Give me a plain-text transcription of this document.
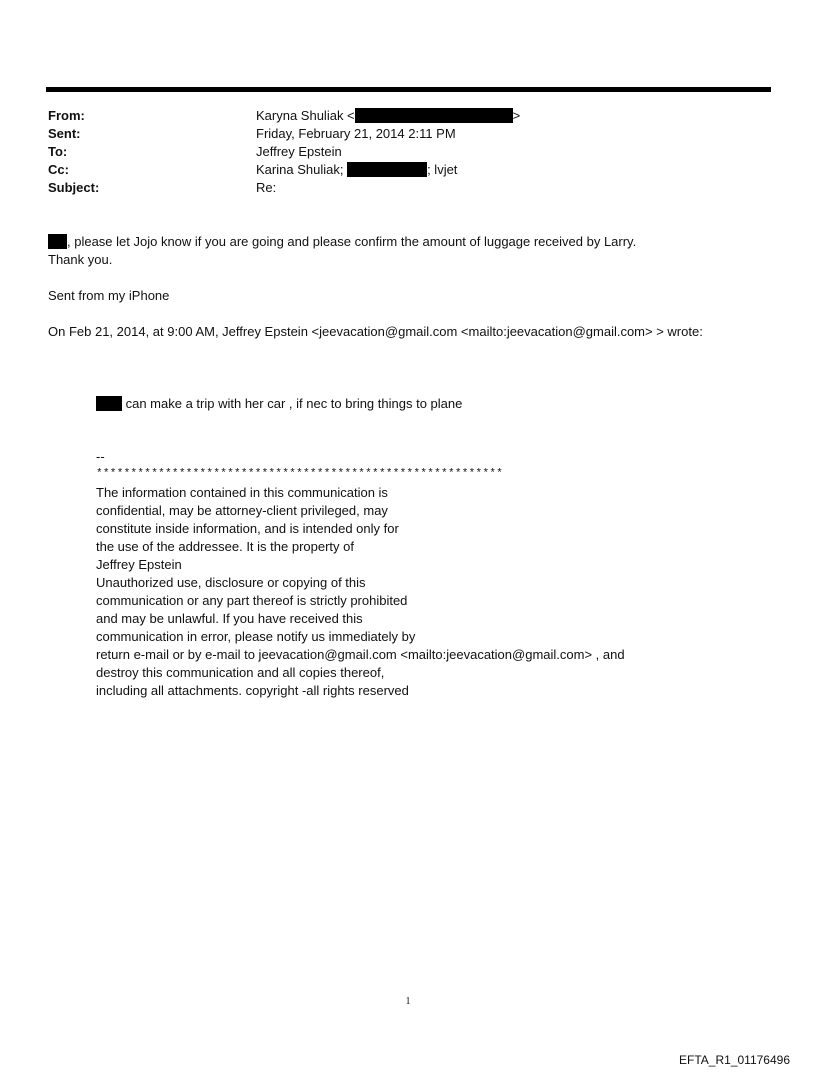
From:	Karyna Shuliak <	>
Sent:	Friday, February 21, 2014 2:11 PM
To:	Jeffrey Epstein
Cc:	Karina Shuliak;	; lvjet
Subject:	Re:
, please let Jojo know if you are going and please confirm the amount of luggage received by Larry.
Thank you.
Sent from my iPhone
On Feb 21, 2014, at 9:00 AM, Jeffrey Epstein <jeevacation@gmail.com <mailto:jeevacation@gmail.com> > wrote:
can make a trip with her car , if nec to bring things to plane
--
***********************************************************
The information contained in this communication is
confidential, may be attorney-client privileged, may
constitute inside information, and is intended only for
the use of the addressee. It is the property of
Jeffrey Epstein
Unauthorized use, disclosure or copying of this
communication or any part thereof is strictly prohibited
and may be unlawful. If you have received this
communication in error, please notify us immediately by
return e-mail or by e-mail to jeevacation@gmail.com <mailto:jeevacation@gmail.com> , and
destroy this communication and all copies thereof,
including all attachments. copyright -all rights reserved
1
EFTA_R1_01176496
